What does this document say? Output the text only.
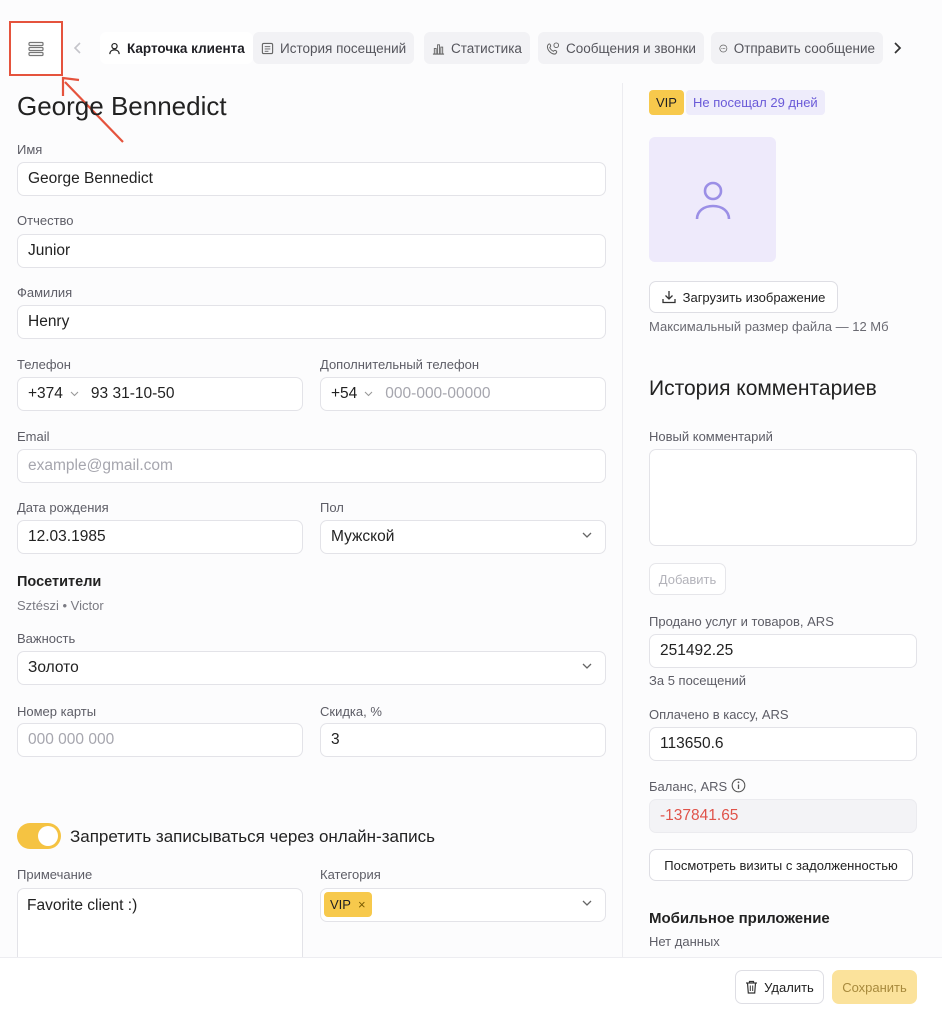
Карточка клиента	История посещений	Статистика	Сообщения и звонки	Отправить сообщение
George Bennedict
Имя
George Bennedict
Отчество
Junior
Фамилия
Henry
Телефон
+374 93 31-10-50
Дополнительный телефон
+54 000-000-00000
Email
example@gmail.com
Дата рождения
12.03.1985
Пол
Мужской
Посетители
Sztészi • Victor
Важность
Золото
Номер карты
000 000 000
Скидка, %
3
Запретить записываться через онлайн-запись
Примечание
Favorite client :)
Категория
VIP ×
VIP	Не посещал 29 дней
Загрузить изображение
Максимальный размер файла — 12 Мб
История комментариев
Новый комментарий
Добавить
Продано услуг и товаров, ARS
251492.25
За 5 посещений
Оплачено в кассу, ARS
113650.6
Баланс, ARS
-137841.65
Посмотреть визиты с задолженностью
Мобильное приложение
Нет данных
Удалить	Сохранить
